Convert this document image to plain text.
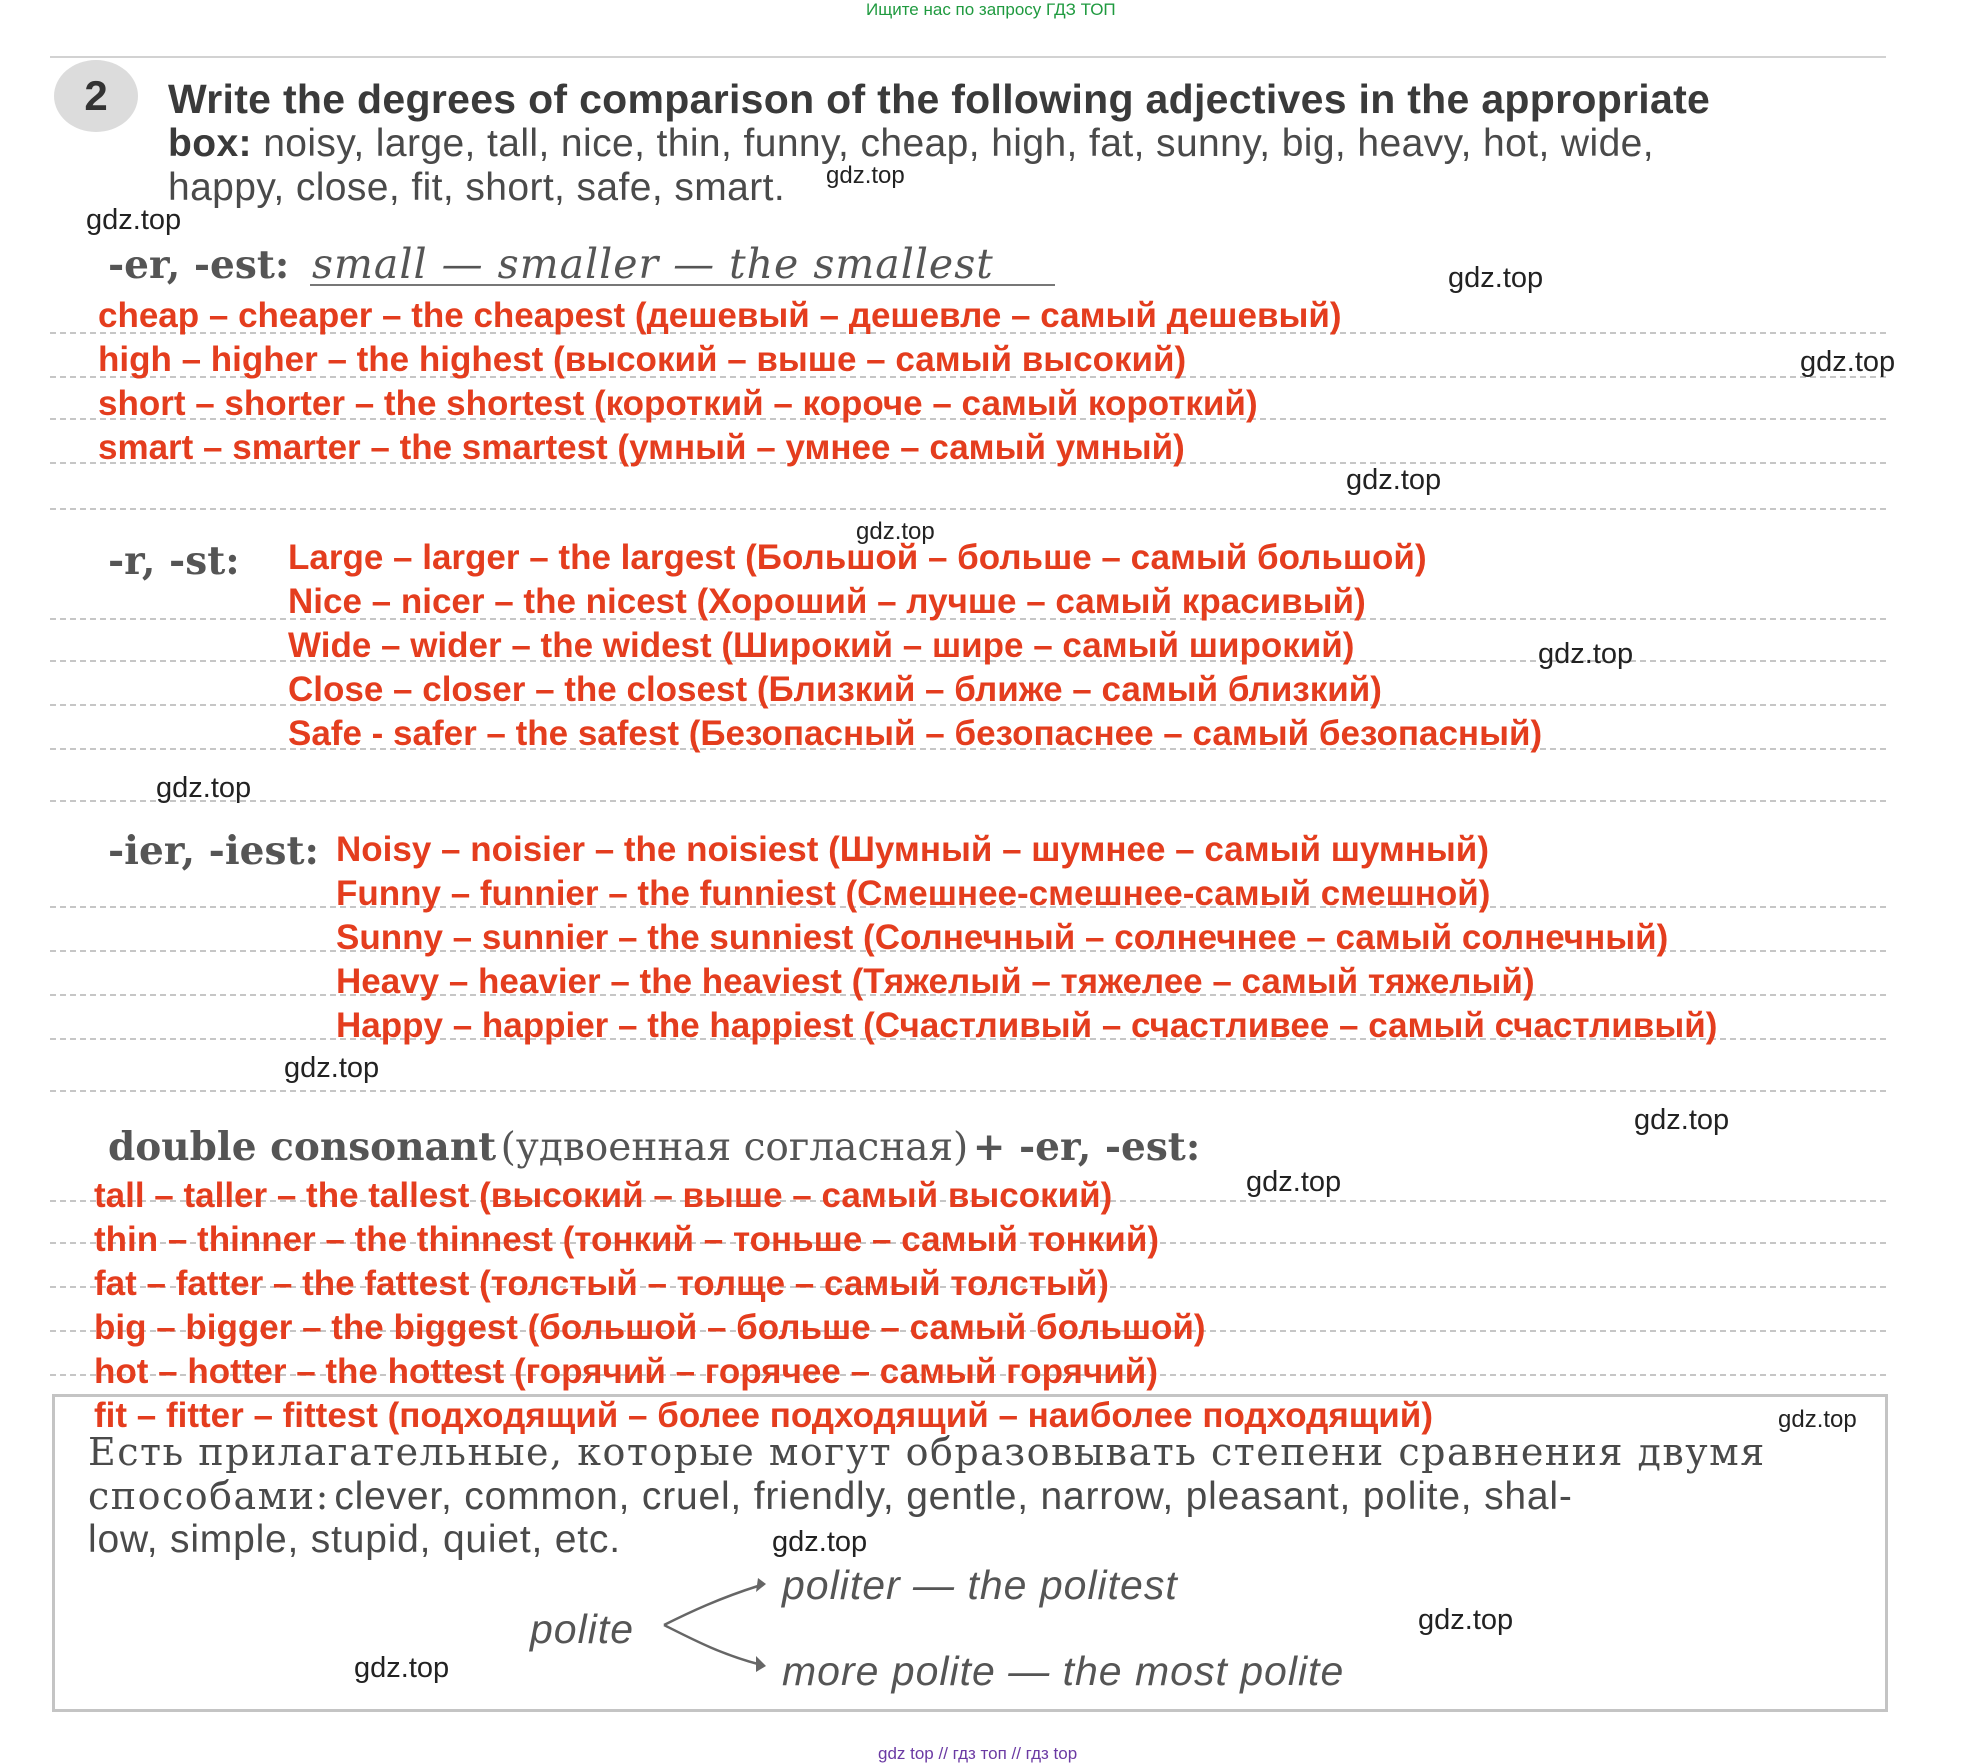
Ищите нас по запросу ГДЗ ТОП
2	Write the degrees of comparison of the following adjectives in the appropriate
box: noisy, large, tall, nice, thin, funny, cheap, high, fat, sunny, big, heavy, hot, wide,
happy, close, fit, short, safe, smart. gdz.top
gdz.top
gdz.top
gdz.top
gdz.top
gdz.top
gdz.top
gdz.top
gdz.top
gdz.top
gdz.top
gdz.top
gdz.top
gdz.top
gdz.top
-er, -est: small — smaller — the smallest
cheap – cheaper – the cheapest (дешевый – дешевле – самый дешевый)
high – higher – the highest (высокий – выше – самый высокий)
short – shorter – the shortest (короткий – короче – самый короткий)
smart – smarter – the smartest (умный – умнее – самый умный)
-r, -st: Large – larger – the largest (Большой – больше – самый большой)
Nice – nicer – the nicest (Хороший – лучше – самый красивый)
Wide – wider – the widest (Широкий – шире – самый широкий)
Close – closer – the closest (Близкий – ближе – самый близкий)
Safe - safer – the safest (Безопасный – безопаснее – самый безопасный)
-ier, -iest: Noisy – noisier – the noisiest (Шумный – шумнее – самый шумный)
Funny – funnier – the funniest (Смешнее-смешнее-самый смешной)
Sunny – sunnier – the sunniest (Солнечный – солнечнее – самый солнечный)
Heavy – heavier – the heaviest (Тяжелый – тяжелее – самый тяжелый)
Happy – happier – the happiest (Счастливый – счастливее – самый счастливый)
double consonant (удвоенная согласная) + -er, -est:
tall – taller – the tallest (высокий – выше – самый высокий)
thin – thinner – the thinnest (тонкий – тоньше – самый тонкий)
fat – fatter – the fattest (толстый – толще – самый толстый)
big – bigger – the biggest (большой – больше – самый большой)
hot – hotter – the hottest (горячий – горячее – самый горячий)
fit – fitter – fittest (подходящий – более подходящий – наиболее подходящий)
Есть прилагательные, которые могут образовывать степени сравнения двумя
способами: clever, common, cruel, friendly, gentle, narrow, pleasant, polite, shal-
low, simple, stupid, quiet, etc.
polite
politer — the politest
more polite — the most polite
gdz top // гдз топ // гдз top
